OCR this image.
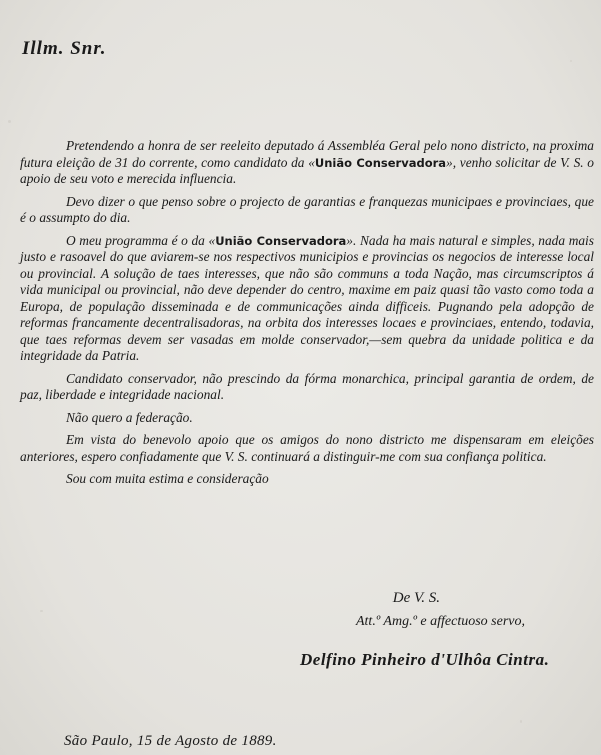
Illm. Snr.

Pretendendo a honra de ser reeleito deputado á Assembléa Geral pelo nono districto, na proxima futura eleição de 31 do corrente, como candidato da «União Conservadora», venho solicitar de V. S. o apoio de seu voto e merecida influencia.

Devo dizer o que penso sobre o projecto de garantias e franquezas municipaes e provinciaes, que é o assumpto do dia.

O meu programma é o da «União Conservadora». Nada ha mais natural e simples, nada mais justo e rasoavel do que aviarem-se nos respectivos municipios e provincias os negocios de interesse local ou provincial. A solução de taes interesses, que não são communs a toda Nação, mas circumscriptos á vida municipal ou provincial, não deve depender do centro, maxime em paiz quasi tão vasto como toda a Europa, de população disseminada e de communicações ainda difficeis. Pugnando pela adopção de reformas francamente decentralisadoras, na orbita dos interesses locaes e provinciaes, entendo, todavia, que taes reformas devem ser vasadas em molde conservador,—sem quebra da unidade politica e da integridade da Patria.

Candidato conservador, não prescindo da fórma monarchica, principal garantia de ordem, de paz, liberdade e integridade nacional.

Não quero a federação.

Em vista do benevolo apoio que os amigos do nono districto me dispensaram em eleições anteriores, espero confiadamente que V. S. continuará a distinguir-me com sua confiança politica.

Sou com muita estima e consideração

De V. S.
Att.º Amg.º e affectuoso servo,
Delfino Pinheiro d'Ulhôa Cintra.
São Paulo, 15 de Agosto de 1889.
